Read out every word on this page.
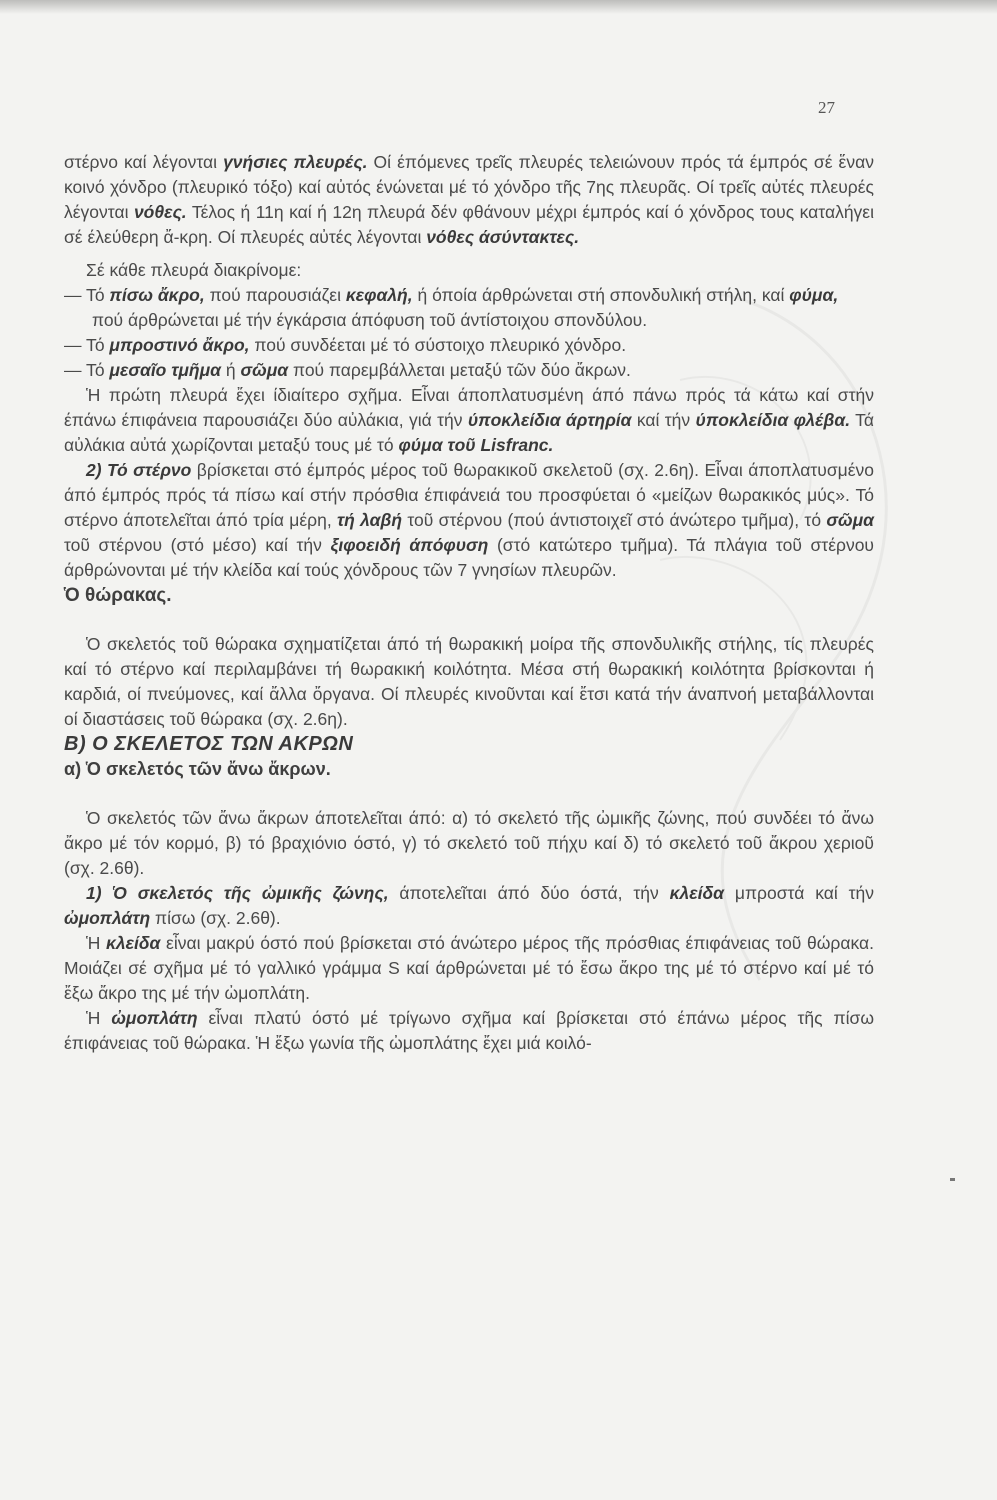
27
στέρνο καί λέγονται γνήσιες πλευρές. Οί έπόμενες τρεῖς πλευρές τελειώνουν πρός τά έμπρός σέ ἕναν κοινό χόνδρο (πλευρικό τόξο) καί αὐτός ένώνεται μέ τό χόνδρο τῆς 7ης πλευρᾶς. Οί τρεῖς αὐτές πλευρές λέγονται νόθες. Τέλος ή 11η καί ή 12η πλευρά δέν φθάνουν μέχρι έμπρός καί ό χόνδρος τους καταλήγει σέ έλεύθερη ἄ-κρη. Οί πλευρές αὐτές λέγονται νόθες άσύντακτες.
Σέ κάθε πλευρά διακρίνομε:
— Τό πίσω ἄκρο, πού παρουσιάζει κεφαλή, ή όποία άρθρώνεται στή σπονδυλική στήλη, καί φύμα, πού άρθρώνεται μέ τήν έγκάρσια άπόφυση τοῦ άντίστοιχου σπονδύλου.
— Τό μπροστινό ἄκρο, πού συνδέεται μέ τό σύστοιχο πλευρικό χόνδρο.
— Τό μεσαῖο τμῆμα ή σῶμα πού παρεμβάλλεται μεταξύ τῶν δύο ἄκρων.
Ἡ πρώτη πλευρά ἔχει ίδιαίτερο σχῆμα. Εἶναι άποπλατυσμένη άπό πάνω πρός τά κάτω καί στήν έπάνω έπιφάνεια παρουσιάζει δύο αὐλάκια, γιά τήν ύποκλείδια άρτηρία καί τήν ύποκλείδια φλέβα. Τά αὐλάκια αὐτά χωρίζονται μεταξύ τους μέ τό φύμα τοῦ Lisfranc.
2) Τό στέρνο βρίσκεται στό έμπρός μέρος τοῦ θωρακικοῦ σκελετοῦ (σχ. 2.6η). Εἶναι άποπλατυσμένο άπό έμπρός πρός τά πίσω καί στήν πρόσθια έπιφάνειά του προσφύεται ό «μείζων θωρακικός μύς». Τό στέρνο άποτελεῖται άπό τρία μέρη, τή λαβή τοῦ στέρνου (πού άντιστοιχεῖ στό άνώτερο τμῆμα), τό σῶμα τοῦ στέρνου (στό μέσο) καί τήν ξιφοειδή άπόφυση (στό κατώτερο τμῆμα). Τά πλάγια τοῦ στέρνου άρθρώνονται μέ τήν κλείδα καί τούς χόνδρους τῶν 7 γνησίων πλευρῶν.
Ὁ θώρακας.
Ὁ σκελετός τοῦ θώρακα σχηματίζεται άπό τή θωρακική μοίρα τῆς σπονδυλικῆς στήλης, τίς πλευρές καί τό στέρνο καί περιλαμβάνει τή θωρακική κοιλότητα. Μέσα στή θωρακική κοιλότητα βρίσκονται ή καρδιά, οί πνεύμονες, καί ἄλλα ὄργανα. Οί πλευρές κινοῦνται καί ἔτσι κατά τήν άναπνοή μεταβάλλονται οί διαστάσεις τοῦ θώρακα (σχ. 2.6η).
Β) Ο ΣΚΕΛΕΤΟΣ ΤΩΝ ΑΚΡΩΝ
α) Ὁ σκελετός τῶν ἄνω ἄκρων.
Ὁ σκελετός τῶν ἄνω ἄκρων άποτελεῖται άπό: α) τό σκελετό τῆς ὠμικῆς ζώνης, πού συνδέει τό ἄνω ἄκρο μέ τόν κορμό, β) τό βραχιόνιο όστό, γ) τό σκελετό τοῦ πήχυ καί δ) τό σκελετό τοῦ ἄκρου χεριοῦ (σχ. 2.6θ).
1) Ὁ σκελετός τῆς ὠμικῆς ζώνης, άποτελεῖται άπό δύο όστά, τήν κλείδα μπροστά καί τήν ὠμοπλάτη πίσω (σχ. 2.6θ).
Ἡ κλείδα εἶναι μακρύ όστό πού βρίσκεται στό άνώτερο μέρος τῆς πρόσθιας έπιφάνειας τοῦ θώρακα. Μοιάζει σέ σχῆμα μέ τό γαλλικό γράμμα S καί άρθρώνεται μέ τό ἔσω ἄκρο της μέ τό στέρνο καί μέ τό ἔξω ἄκρο της μέ τήν ὠμοπλάτη.
Ἡ ὠμοπλάτη εἶναι πλατύ όστό μέ τρίγωνο σχῆμα καί βρίσκεται στό έπάνω μέρος τῆς πίσω έπιφάνειας τοῦ θώρακα. Ἡ ἔξω γωνία τῆς ὠμοπλάτης ἔχει μιά κοιλό-
